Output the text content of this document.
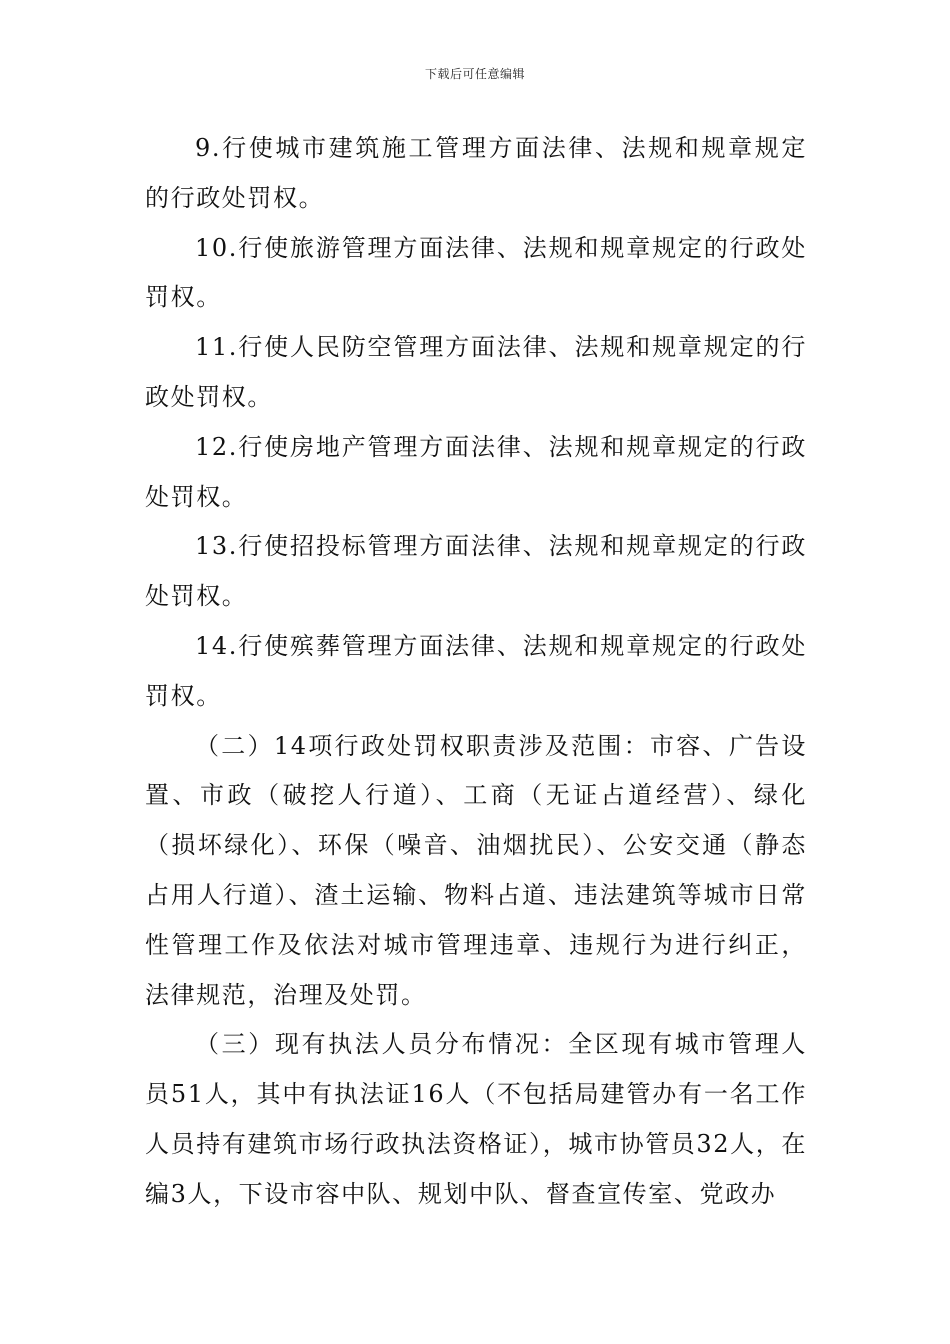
下载后可任意编辑

9.行使城市建筑施工管理方面法律、法规和规章规定的行政处罚权。

10.行使旅游管理方面法律、法规和规章规定的行政处罚权。

11.行使人民防空管理方面法律、法规和规章规定的行政处罚权。

12.行使房地产管理方面法律、法规和规章规定的行政处罚权。

13.行使招投标管理方面法律、法规和规章规定的行政处罚权。

14.行使殡葬管理方面法律、法规和规章规定的行政处罚权。

（二）14项行政处罚权职责涉及范围：市容、广告设置、市政（破挖人行道）、工商（无证占道经营）、绿化（损坏绿化）、环保（噪音、油烟扰民）、公安交通（静态占用人行道）、渣土运输、物料占道、违法建筑等城市日常性管理工作及依法对城市管理违章、违规行为进行纠正，法律规范，治理及处罚。

（三）现有执法人员分布情况：全区现有城市管理人员51人，其中有执法证16人（不包括局建管办有一名工作人员持有建筑市场行政执法资格证），城市协管员32人，在编3人，下设市容中队、规划中队、督查宣传室、党政办
